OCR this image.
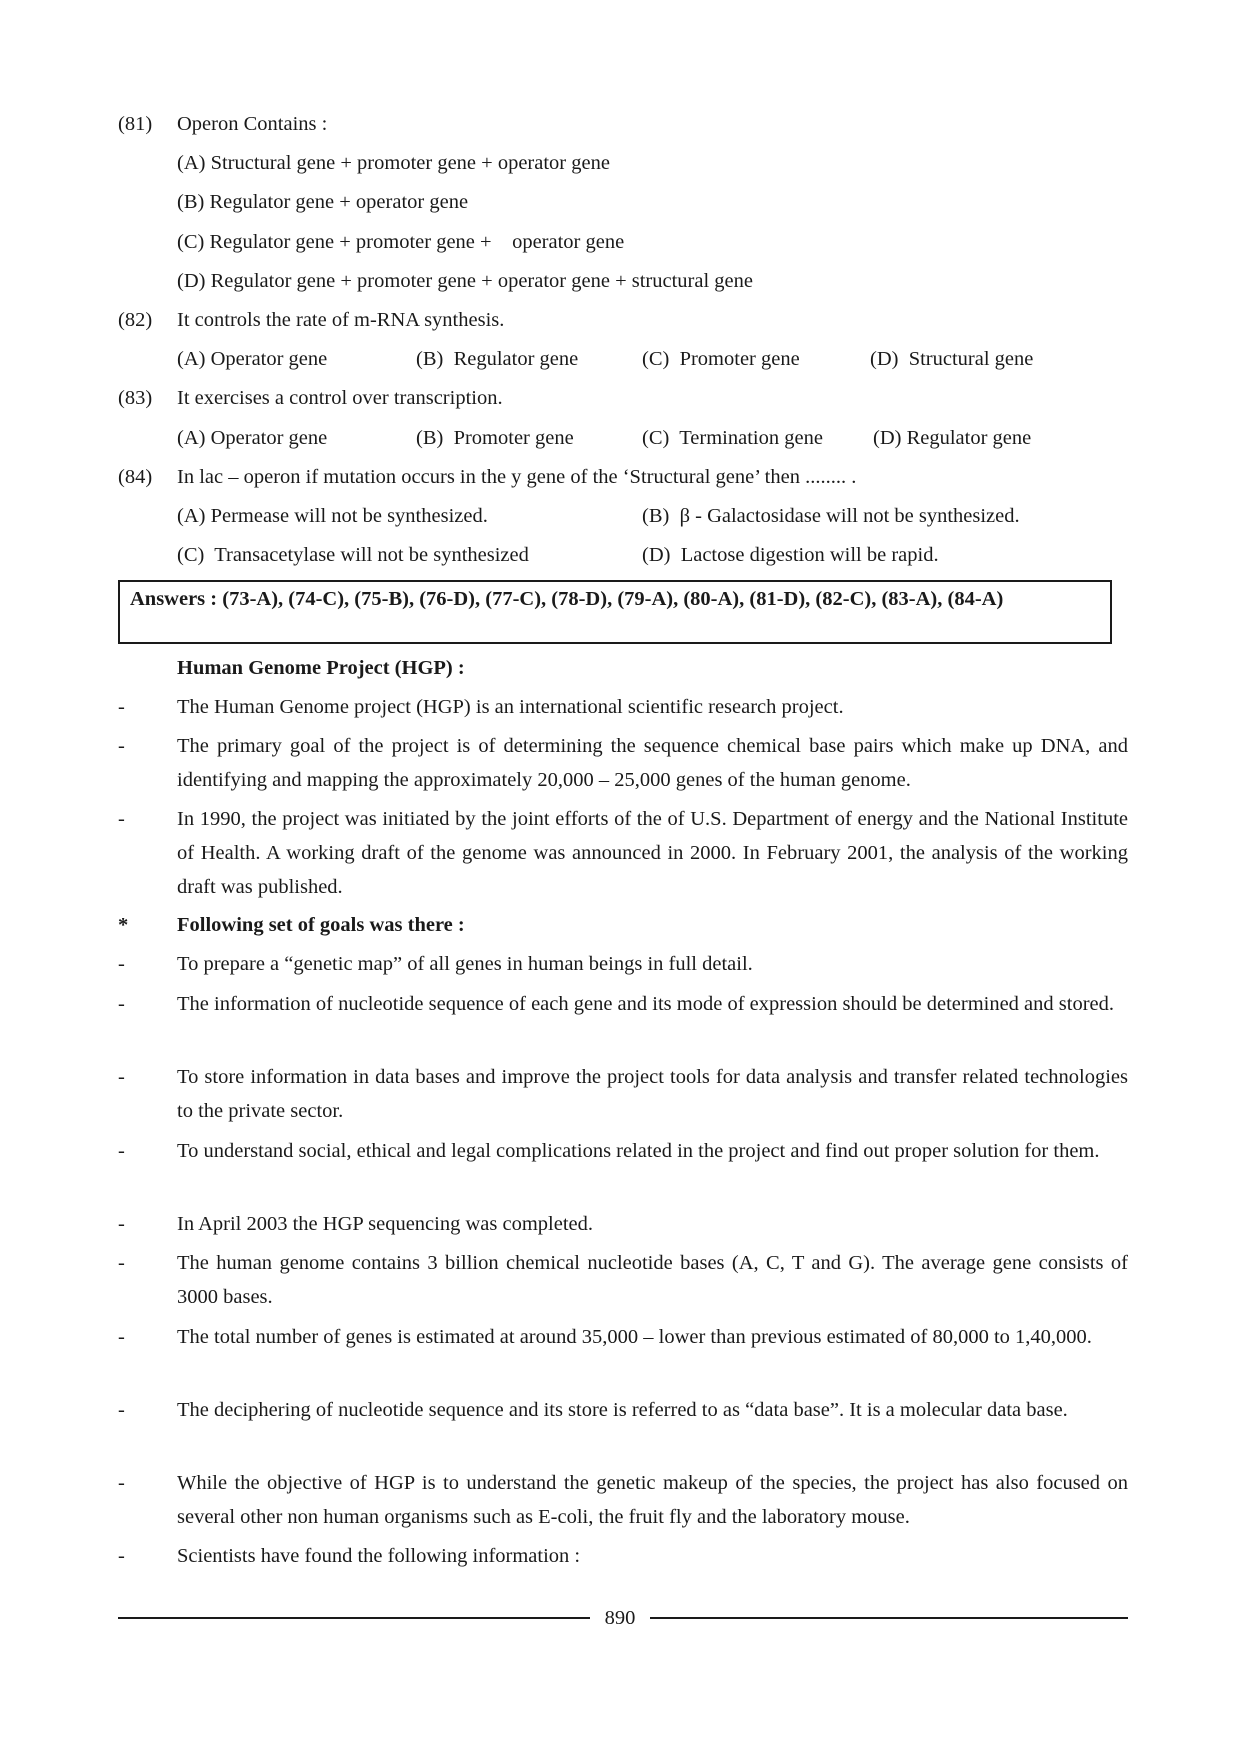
(81) Operon Contains :
(A) Structural gene + promoter gene + operator gene
(B) Regulator gene + operator gene
(C) Regulator gene + promoter gene +    operator gene
(D) Regulator gene + promoter gene + operator gene + structural gene
(82) It controls the rate of m-RNA synthesis.
(A) Operator gene	(B)  Regulator gene	(C)  Promoter gene	(D)  Structural gene
(83) It exercises a control over transcription.
(A) Operator gene	(B)  Promoter gene	(C)  Termination gene (D) Regulator gene
(84) In lac – operon if mutation occurs in the y gene of the ‘Structural gene’ then ........ .
(A) Permease will not be synthesized.	(B)  β - Galactosidase will not be synthesized.
(C)  Transacetylase will not be synthesized	(D)  Lactose digestion will be rapid.
Answers : (73-A), (74-C), (75-B), (76-D), (77-C), (78-D), (79-A), (80-A), (81-D), (82-C), (83-A), (84-A)
Human Genome Project (HGP) :
-	The Human Genome project (HGP) is an international scientific research project.
-	The primary goal of the project is of determining the sequence chemical base pairs which make up DNA, and identifying and mapping the approximately 20,000 – 25,000 genes of the human genome.
-	In 1990, the project was initiated by the joint efforts of the of U.S. Department of energy and the National Institute of Health. A working draft of the genome was announced in 2000. In February 2001, the analysis of the working draft was published.
* Following set of goals was there :
-	To prepare a “genetic map” of all genes in human beings in full detail.
-	The information of nucleotide sequence of each gene and its mode of expression should be determined and stored.
-	To store information in data bases and improve the project tools for data analysis and transfer related technologies to the private sector.
-	To understand social, ethical and legal complications related in the project and find out proper solution for them.
-	In April 2003 the HGP sequencing was completed.
-	The human genome contains 3 billion chemical nucleotide bases (A, C, T and G). The average gene consists of 3000 bases.
-	The total number of genes is estimated at around 35,000 – lower than previous estimated of 80,000 to 1,40,000.
-	The deciphering of nucleotide sequence and its store is referred to as “data base”. It is a molecular data base.
-	While the objective of HGP is to understand the genetic makeup of the species, the project has also focused on several other non human organisms such as E-coli, the fruit fly and the laboratory mouse.
-	Scientists have found the following information :
890
